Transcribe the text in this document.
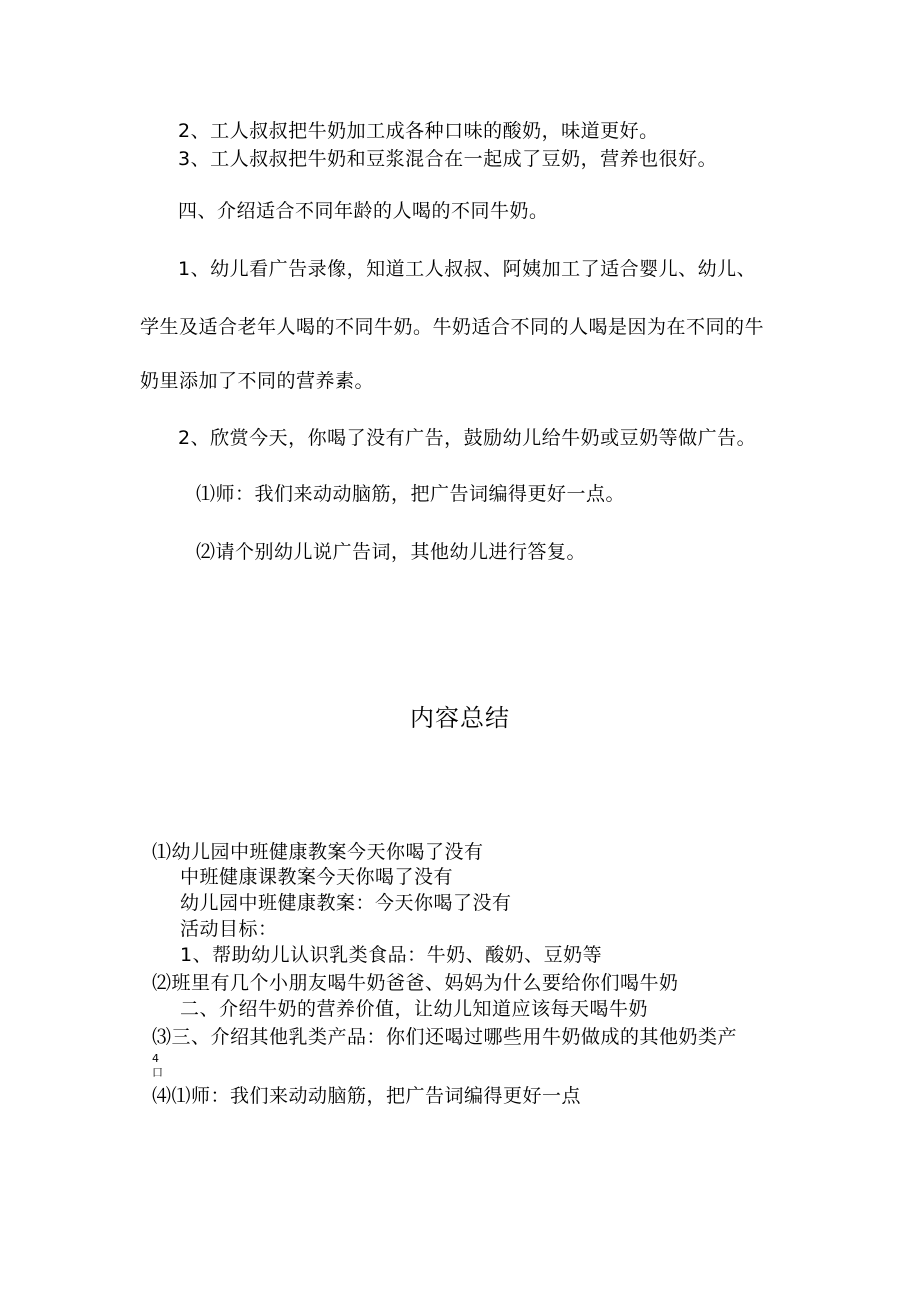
2、工人叔叔把牛奶加工成各种口味的酸奶，味道更好。
3、工人叔叔把牛奶和豆浆混合在一起成了豆奶，营养也很好。
四、介绍适合不同年龄的人喝的不同牛奶。
1、幼儿看广告录像，知道工人叔叔、阿姨加工了适合婴儿、幼儿、
学生及适合老年人喝的不同牛奶。牛奶适合不同的人喝是因为在不同的牛
奶里添加了不同的营养素。
2、欣赏今天，你喝了没有广告，鼓励幼儿给牛奶或豆奶等做广告。
⑴师：我们来动动脑筋，把广告词编得更好一点。
⑵请个别幼儿说广告词，其他幼儿进行答复。
内容总结
⑴幼儿园中班健康教案今天你喝了没有
中班健康课教案今天你喝了没有
幼儿园中班健康教案：今天你喝了没有
活动目标：
1、帮助幼儿认识乳类食品：牛奶、酸奶、豆奶等
⑵班里有几个小朋友喝牛奶爸爸、妈妈为什么要给你们喝牛奶
二、介绍牛奶的营养价值，让幼儿知道应该每天喝牛奶
⑶三、介绍其他乳类产品：你们还喝过哪些用牛奶做成的其他奶类产
4
口
⑷⑴师：我们来动动脑筋，把广告词编得更好一点
